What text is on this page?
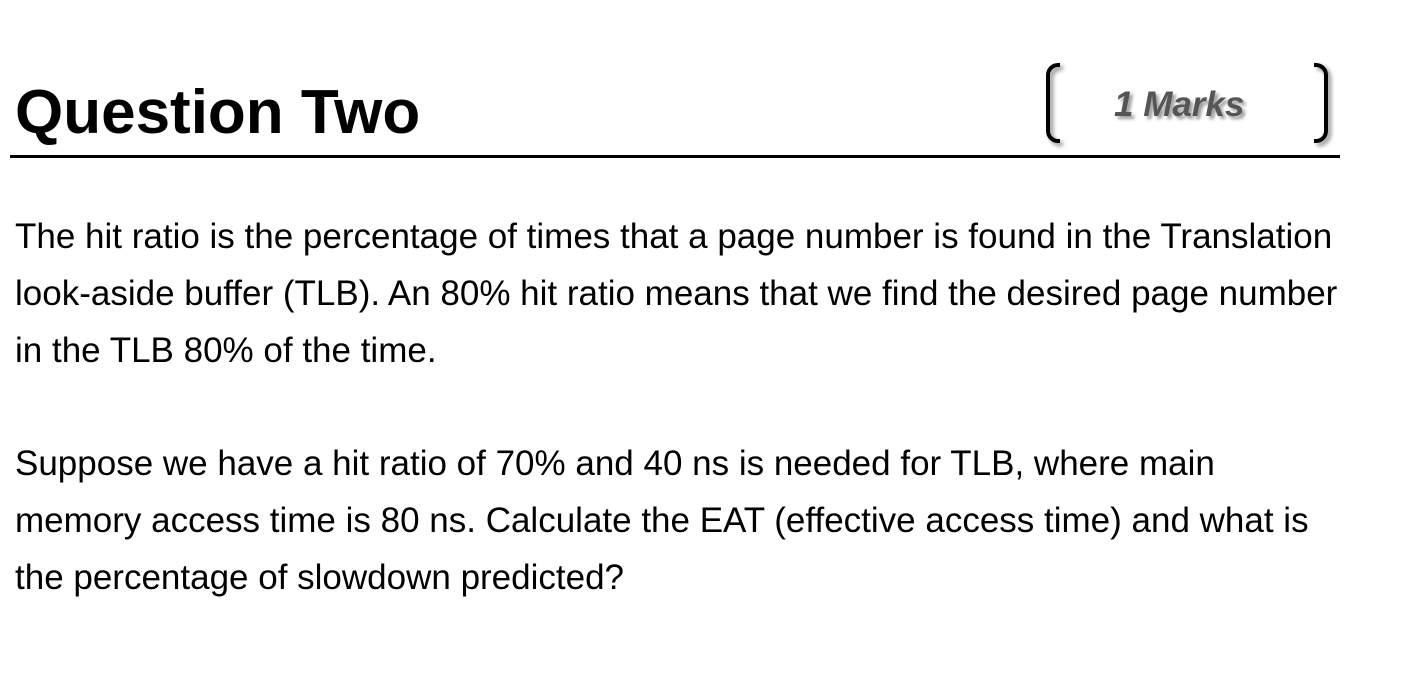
Question Two	1 Marks

The hit ratio is the percentage of times that a page number is found in the Translation look-aside buffer (TLB). An 80% hit ratio means that we find the desired page number in the TLB 80% of the time.

Suppose we have a hit ratio of 70% and 40 ns is needed for TLB, where main memory access time is 80 ns. Calculate the EAT (effective access time) and what is the percentage of slowdown predicted?
